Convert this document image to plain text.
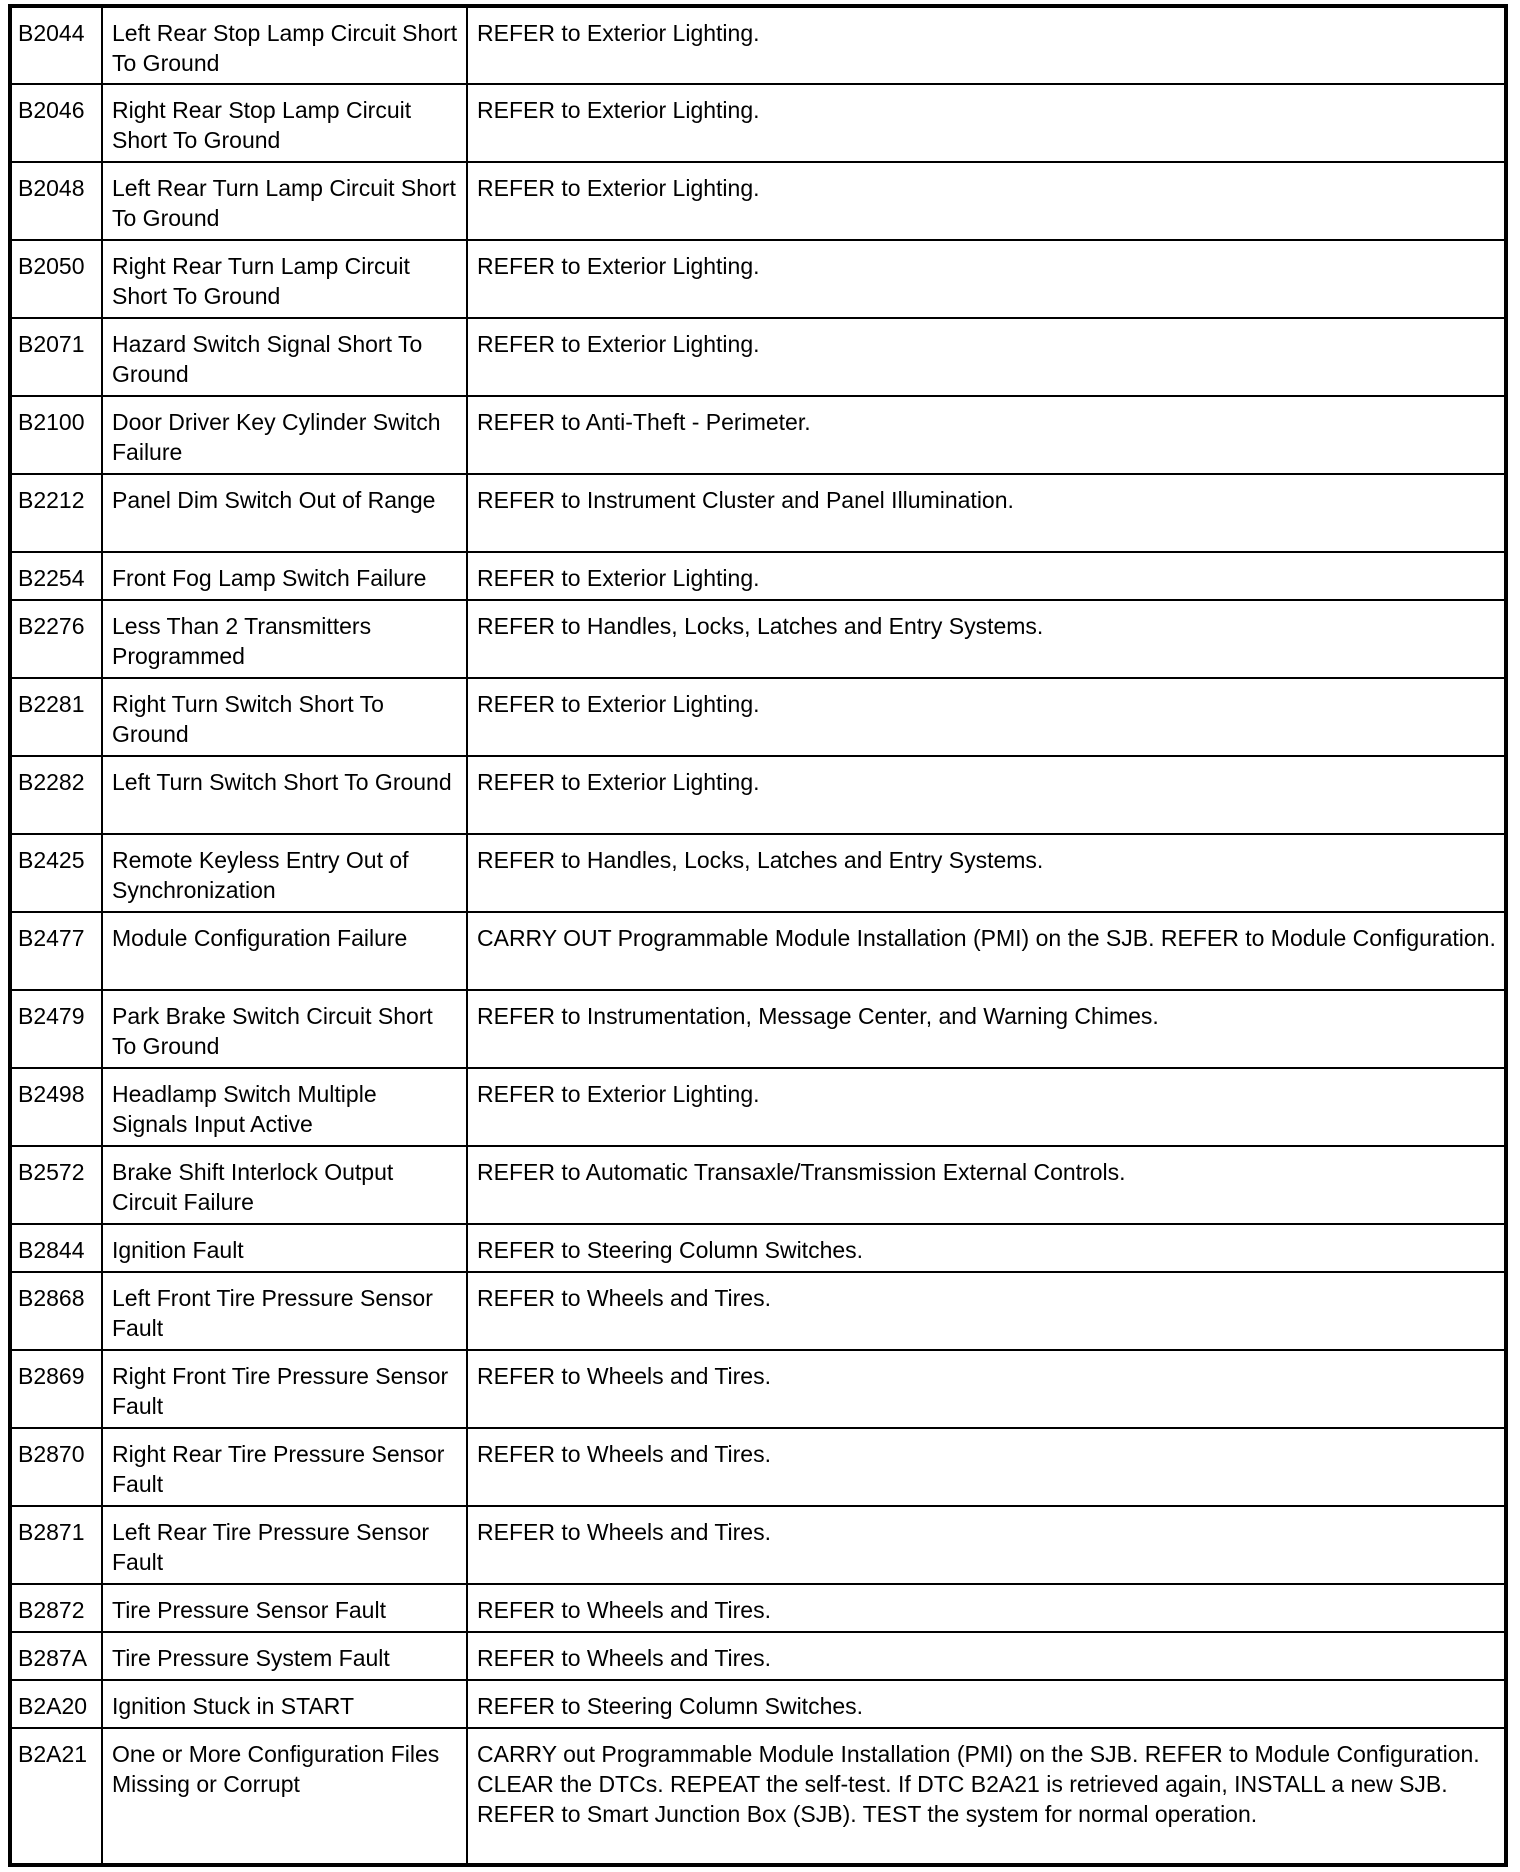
B2044	Left Rear Stop Lamp Circuit Short To Ground	REFER to Exterior Lighting.
B2046	Right Rear Stop Lamp Circuit Short To Ground	REFER to Exterior Lighting.
B2048	Left Rear Turn Lamp Circuit Short To Ground	REFER to Exterior Lighting.
B2050	Right Rear Turn Lamp Circuit Short To Ground	REFER to Exterior Lighting.
B2071	Hazard Switch Signal Short To Ground	REFER to Exterior Lighting.
B2100	Door Driver Key Cylinder Switch Failure	REFER to Anti-Theft - Perimeter.
B2212	Panel Dim Switch Out of Range	REFER to Instrument Cluster and Panel Illumination.
B2254	Front Fog Lamp Switch Failure	REFER to Exterior Lighting.
B2276	Less Than 2 Transmitters Programmed	REFER to Handles, Locks, Latches and Entry Systems.
B2281	Right Turn Switch Short To Ground	REFER to Exterior Lighting.
B2282	Left Turn Switch Short To Ground	REFER to Exterior Lighting.
B2425	Remote Keyless Entry Out of Synchronization	REFER to Handles, Locks, Latches and Entry Systems.
B2477	Module Configuration Failure	CARRY OUT Programmable Module Installation (PMI) on the SJB. REFER to Module Configuration.
B2479	Park Brake Switch Circuit Short To Ground	REFER to Instrumentation, Message Center, and Warning Chimes.
B2498	Headlamp Switch Multiple Signals Input Active	REFER to Exterior Lighting.
B2572	Brake Shift Interlock Output Circuit Failure	REFER to Automatic Transaxle/Transmission External Controls.
B2844	Ignition Fault	REFER to Steering Column Switches.
B2868	Left Front Tire Pressure Sensor Fault	REFER to Wheels and Tires.
B2869	Right Front Tire Pressure Sensor Fault	REFER to Wheels and Tires.
B2870	Right Rear Tire Pressure Sensor Fault	REFER to Wheels and Tires.
B2871	Left Rear Tire Pressure Sensor Fault	REFER to Wheels and Tires.
B2872	Tire Pressure Sensor Fault	REFER to Wheels and Tires.
B287A	Tire Pressure System Fault	REFER to Wheels and Tires.
B2A20	Ignition Stuck in START	REFER to Steering Column Switches.
B2A21	One or More Configuration Files Missing or Corrupt	CARRY out Programmable Module Installation (PMI) on the SJB. REFER to Module Configuration. CLEAR the DTCs. REPEAT the self-test. If DTC B2A21 is retrieved again, INSTALL a new SJB. REFER to Smart Junction Box (SJB). TEST the system for normal operation.
